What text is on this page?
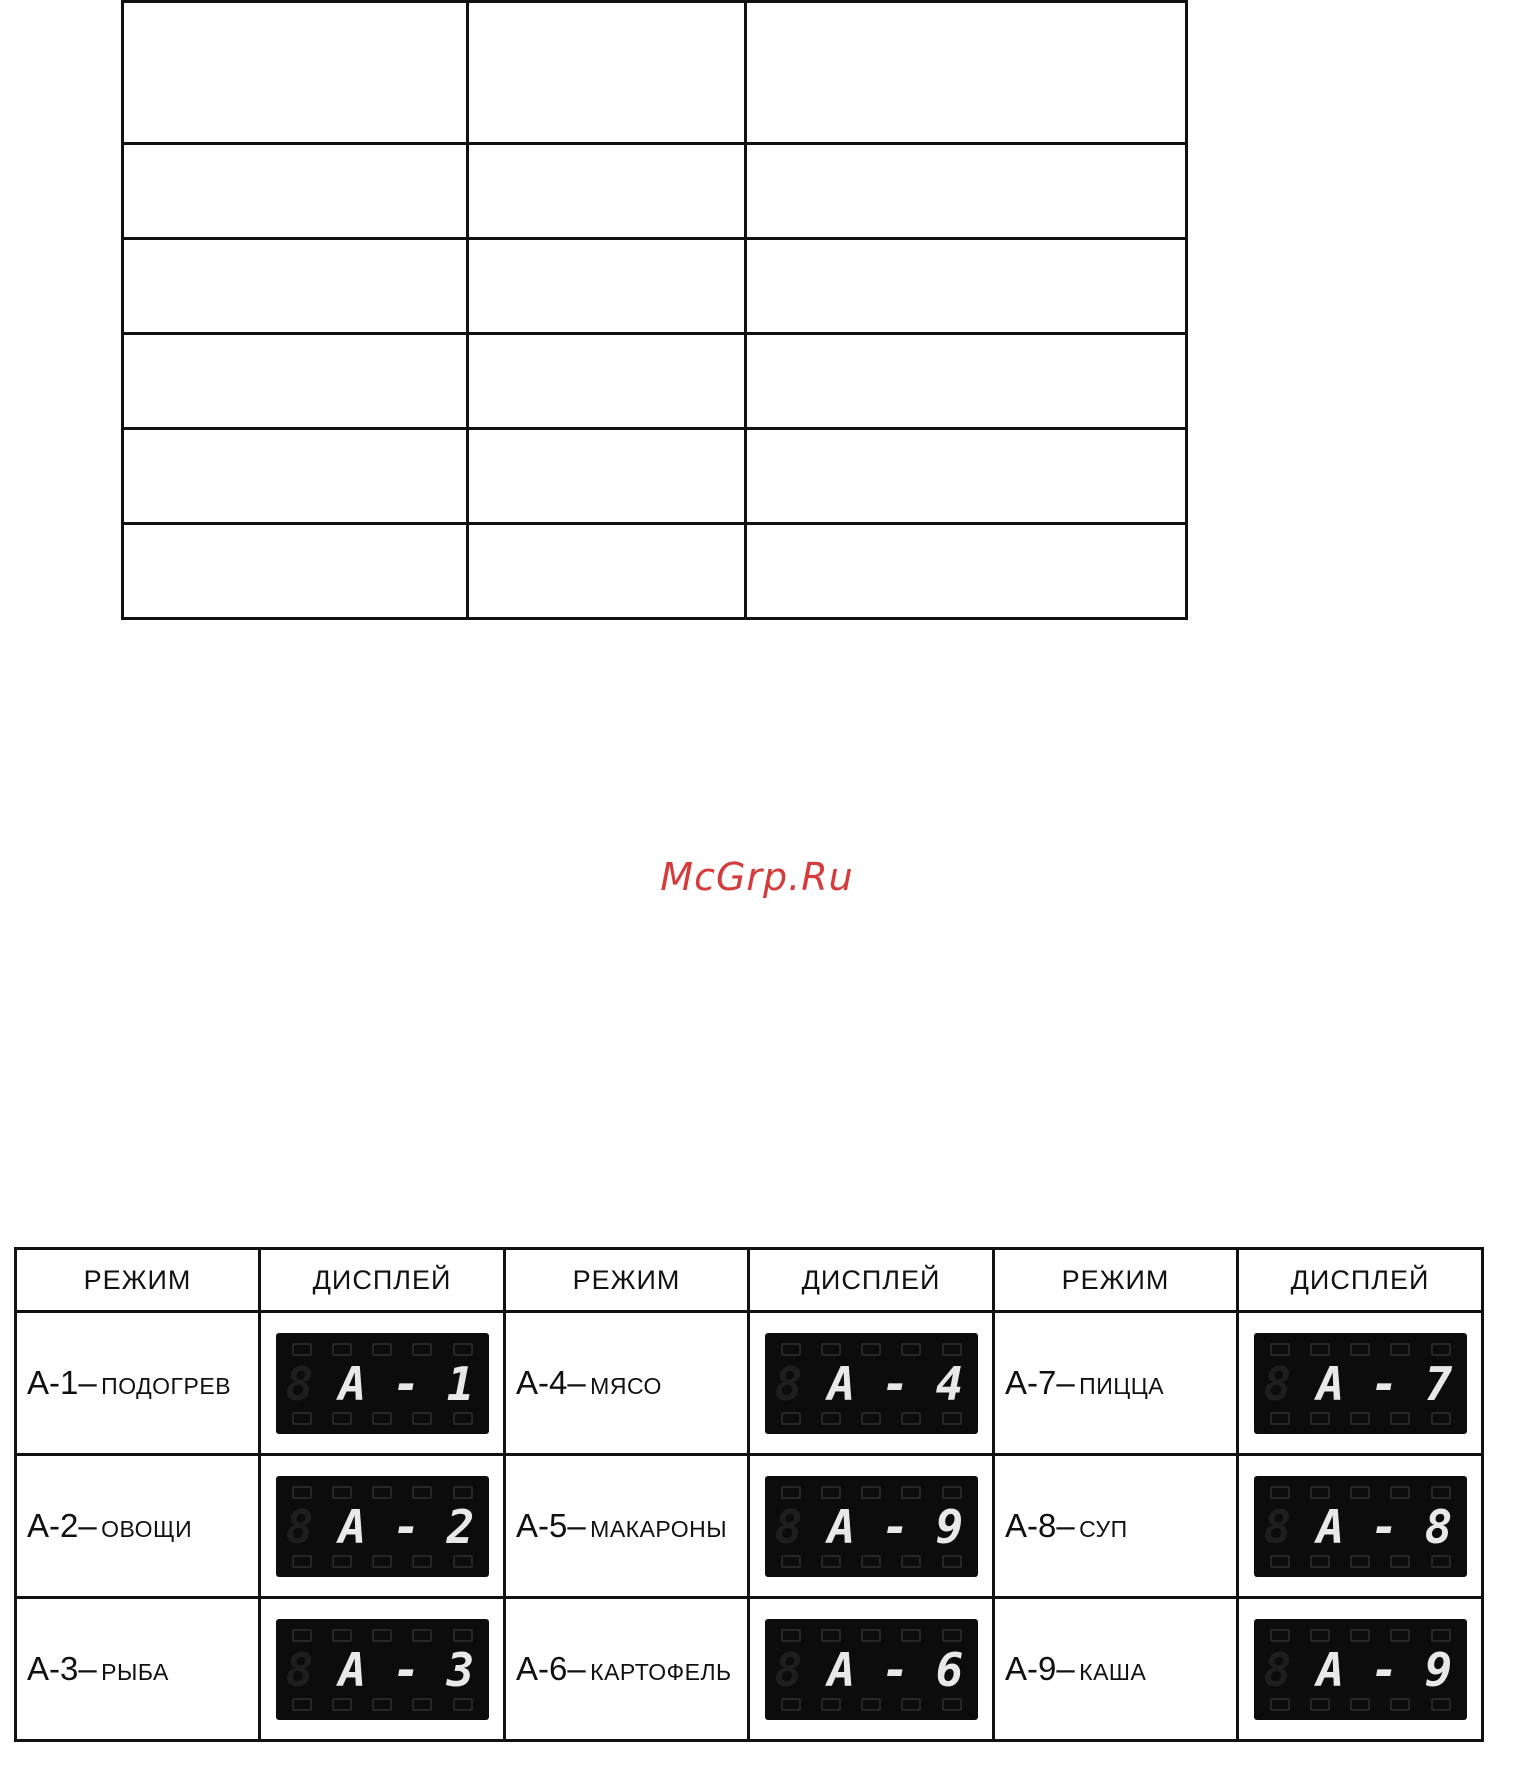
McGrp.Ru
РЕЖИМ	ДИСПЛЕЙ	РЕЖИМ	ДИСПЛЕЙ	РЕЖИМ	ДИСПЛЕЙ
A-1– ПОДОГРЕВ	8 A - 1	A-4– МЯСО	8 A - 4	A-7– ПИЦЦА	8 A - 7

A-2– ОВОЩИ	8 A - 2	A-5– МАКАРОНЫ	8 A - 9	A-8– СУП	8 A - 8

A-3– РЫБА	8 A - 3	A-6– КАРТОФЕЛЬ	8 A - 6	A-9– КАША	8 A - 9
